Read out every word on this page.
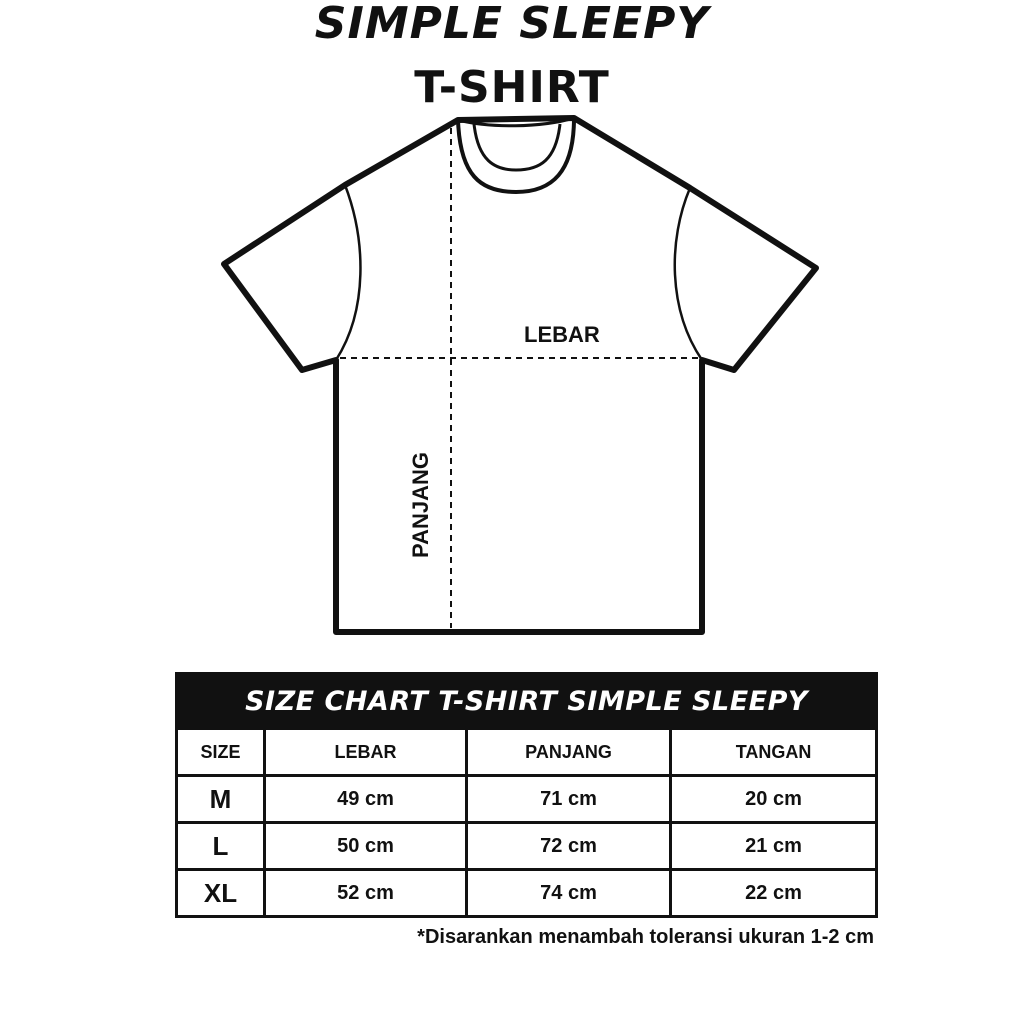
SIMPLE SLEEPY
T-SHIRT
LEBAR
PANJANG
SIZE CHART T-SHIRT SIMPLE SLEEPY			
SIZE	LEBAR	PANJANG	TANGAN
M	49 cm	71 cm	20 cm
L	50 cm	72 cm	21 cm
XL	52 cm	74 cm	22 cm
*Disarankan menambah toleransi ukuran 1-2 cm
